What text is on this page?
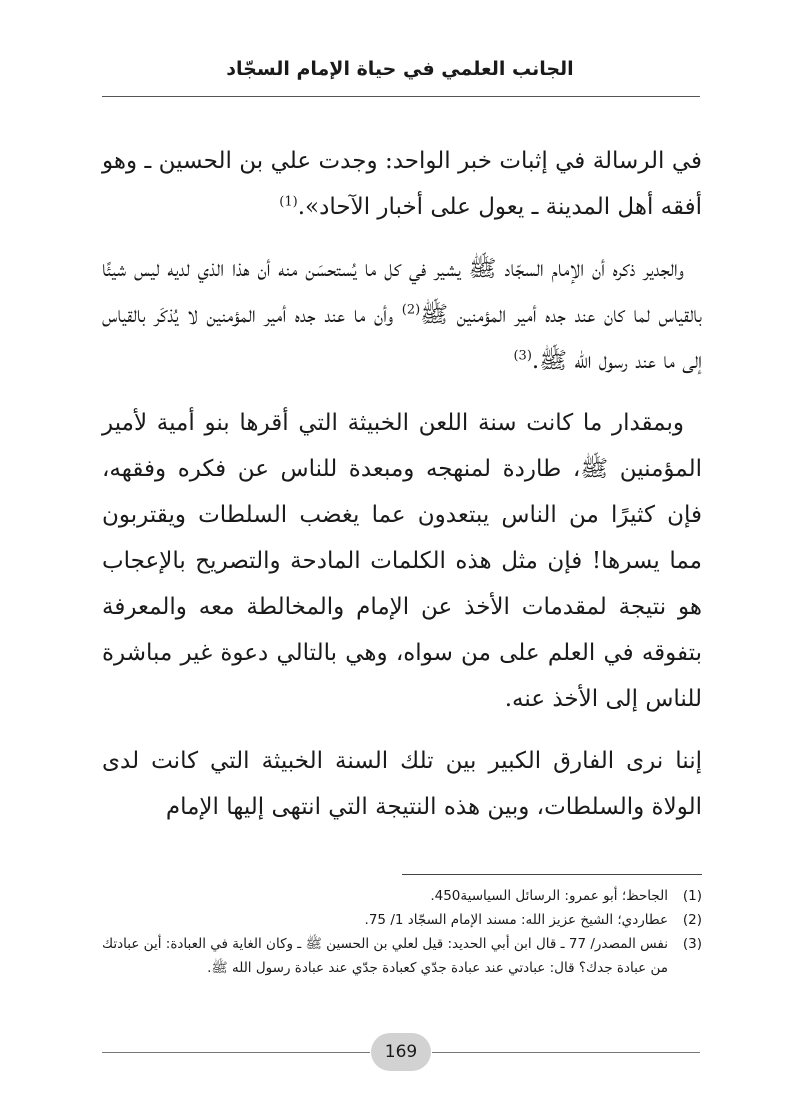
الجانب العلمي في حياة الإمام السجّاد

في الرسالة في إثبات خبر الواحد: وجدت علي بن الحسين ـ وهو أفقه أهل المدينة ـ يعول على أخبار الآحاد».$^{(1)}$

والجدير ذكره أن الإمام السجّاد ﷺ يشير في كل ما يُستحسَن منه أن هذا الذي لديه ليس شيئًا بالقياس لما كان عند جده أمير المؤمنين ﷺ$^{(2)}$ وأن ما عند جده أمير المؤمنين لا يُذكَر بالقياس إلى ما عند رسول الله ﷺ.$^{(3)}$

وبمقدار ما كانت سنة اللعن الخبيثة التي أقرها بنو أمية لأمير المؤمنين ﷺ، طاردة لمنهجه ومبعدة للناس عن فكره وفقهه، فإن كثيرًا من الناس يبتعدون عما يغضب السلطات ويقتربون مما يسرها! فإن مثل هذه الكلمات المادحة والتصريح بالإعجاب هو نتيجة لمقدمات الأخذ عن الإمام والمخالطة معه والمعرفة بتفوقه في العلم على من سواه، وهي بالتالي دعوة غير مباشرة للناس إلى الأخذ عنه.

إننا نرى الفارق الكبير بين تلك السنة الخبيثة التي كانت لدى الولاة والسلطات، وبين هذه النتيجة التي انتهى إليها الإمام

(1)
الجاحظ؛ أبو عمرو: الرسائل السياسية450.
(2)
عطاردي؛ الشيخ عزيز الله: مسند الإمام السجّاد 1/ 75.
(3)
نفس المصدر/ 77 ـ قال ابن أبي الحديد: قيل لعلي بن الحسين ﷺ ـ وكان الغاية في العبادة: أين عبادتك من عبادة جدك؟ قال: عبادتي عند عبادة جدّي كعبادة جدّي عند عبادة رسول الله ﷺ.
169
